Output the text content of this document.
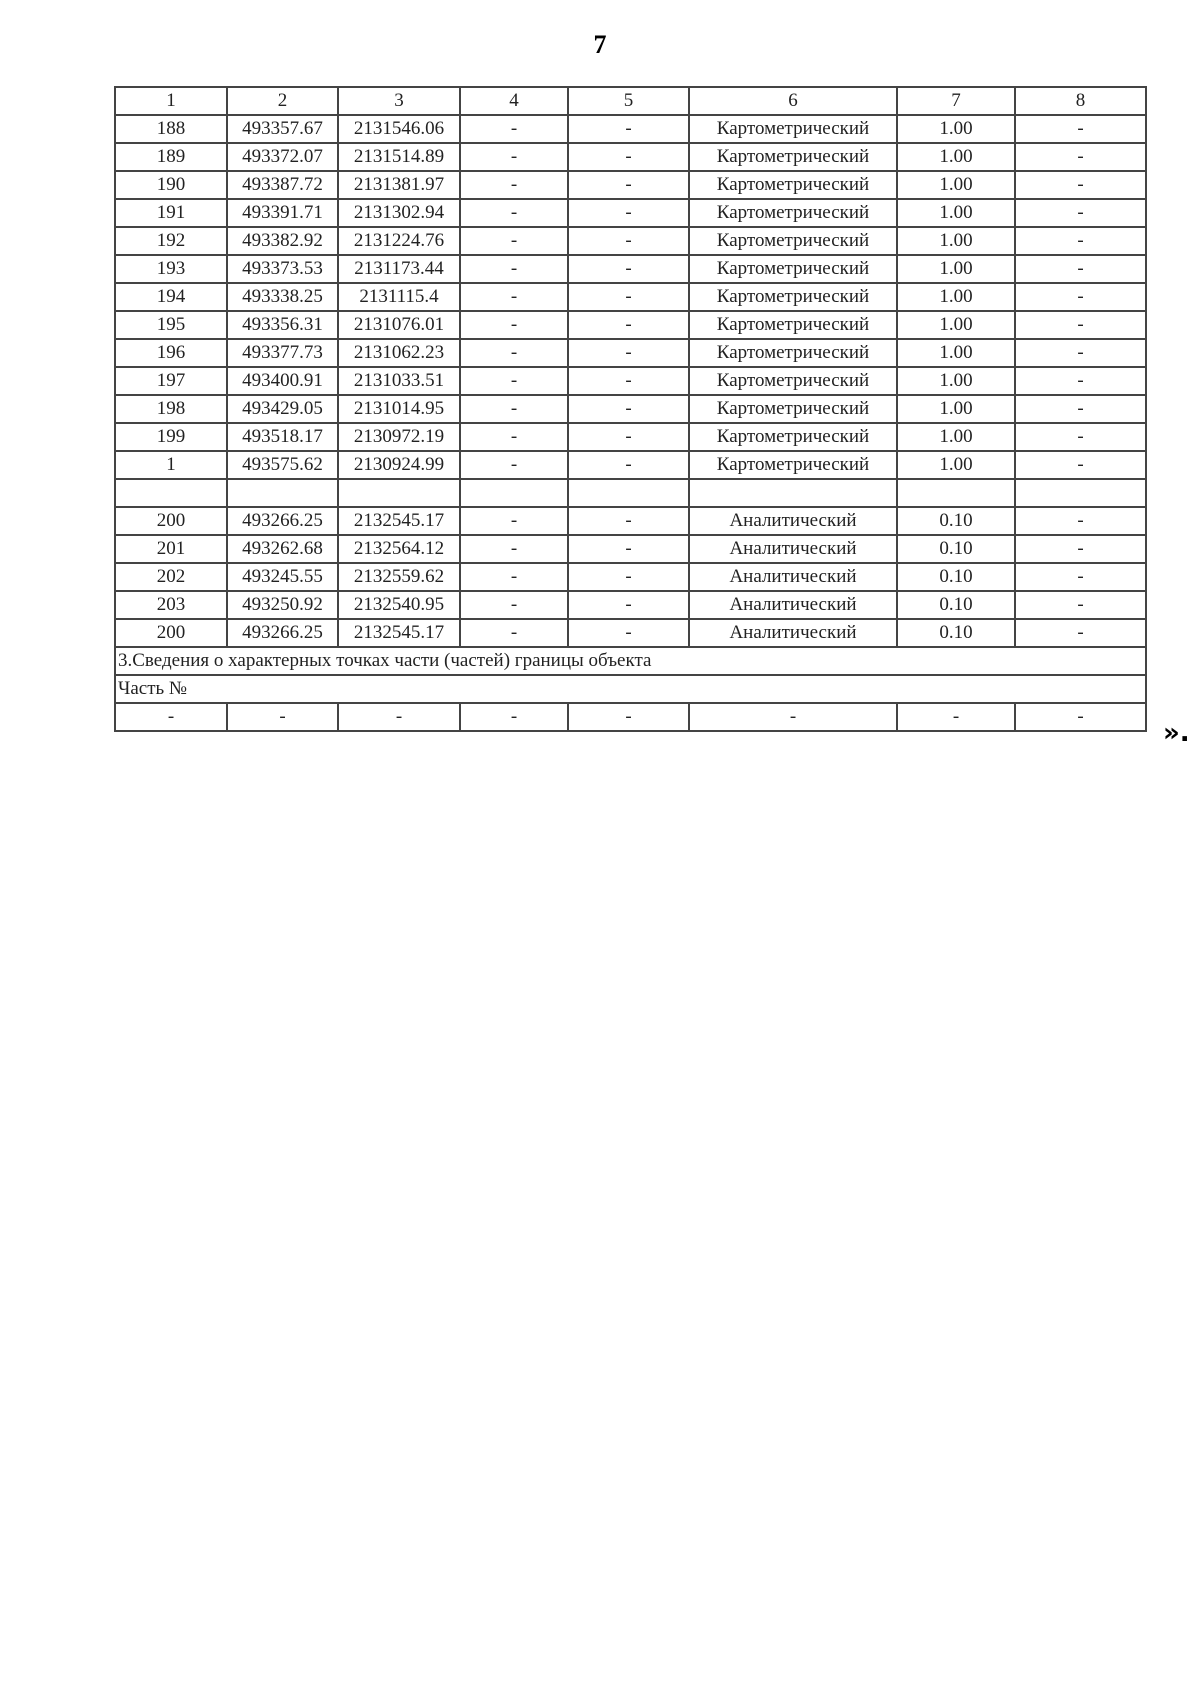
7
1	2	3	4	5	6	7	8
188	493357.67	2131546.06	-	-	Картометрический	1.00	-
189	493372.07	2131514.89	-	-	Картометрический	1.00	-
190	493387.72	2131381.97	-	-	Картометрический	1.00	-
191	493391.71	2131302.94	-	-	Картометрический	1.00	-
192	493382.92	2131224.76	-	-	Картометрический	1.00	-
193	493373.53	2131173.44	-	-	Картометрический	1.00	-
194	493338.25	2131115.4	-	-	Картометрический	1.00	-
195	493356.31	2131076.01	-	-	Картометрический	1.00	-
196	493377.73	2131062.23	-	-	Картометрический	1.00	-
197	493400.91	2131033.51	-	-	Картометрический	1.00	-
198	493429.05	2131014.95	-	-	Картометрический	1.00	-
199	493518.17	2130972.19	-	-	Картометрический	1.00	-
1	493575.62	2130924.99	-	-	Картометрический	1.00	-

200	493266.25	2132545.17	-	-	Аналитический	0.10	-
201	493262.68	2132564.12	-	-	Аналитический	0.10	-
202	493245.55	2132559.62	-	-	Аналитический	0.10	-
203	493250.92	2132540.95	-	-	Аналитический	0.10	-
200	493266.25	2132545.17	-	-	Аналитический	0.10	-
3.Сведения о характерных точках части (частей) границы объекта							
Часть №							
-	-	-	-	-	-	-	-
».
